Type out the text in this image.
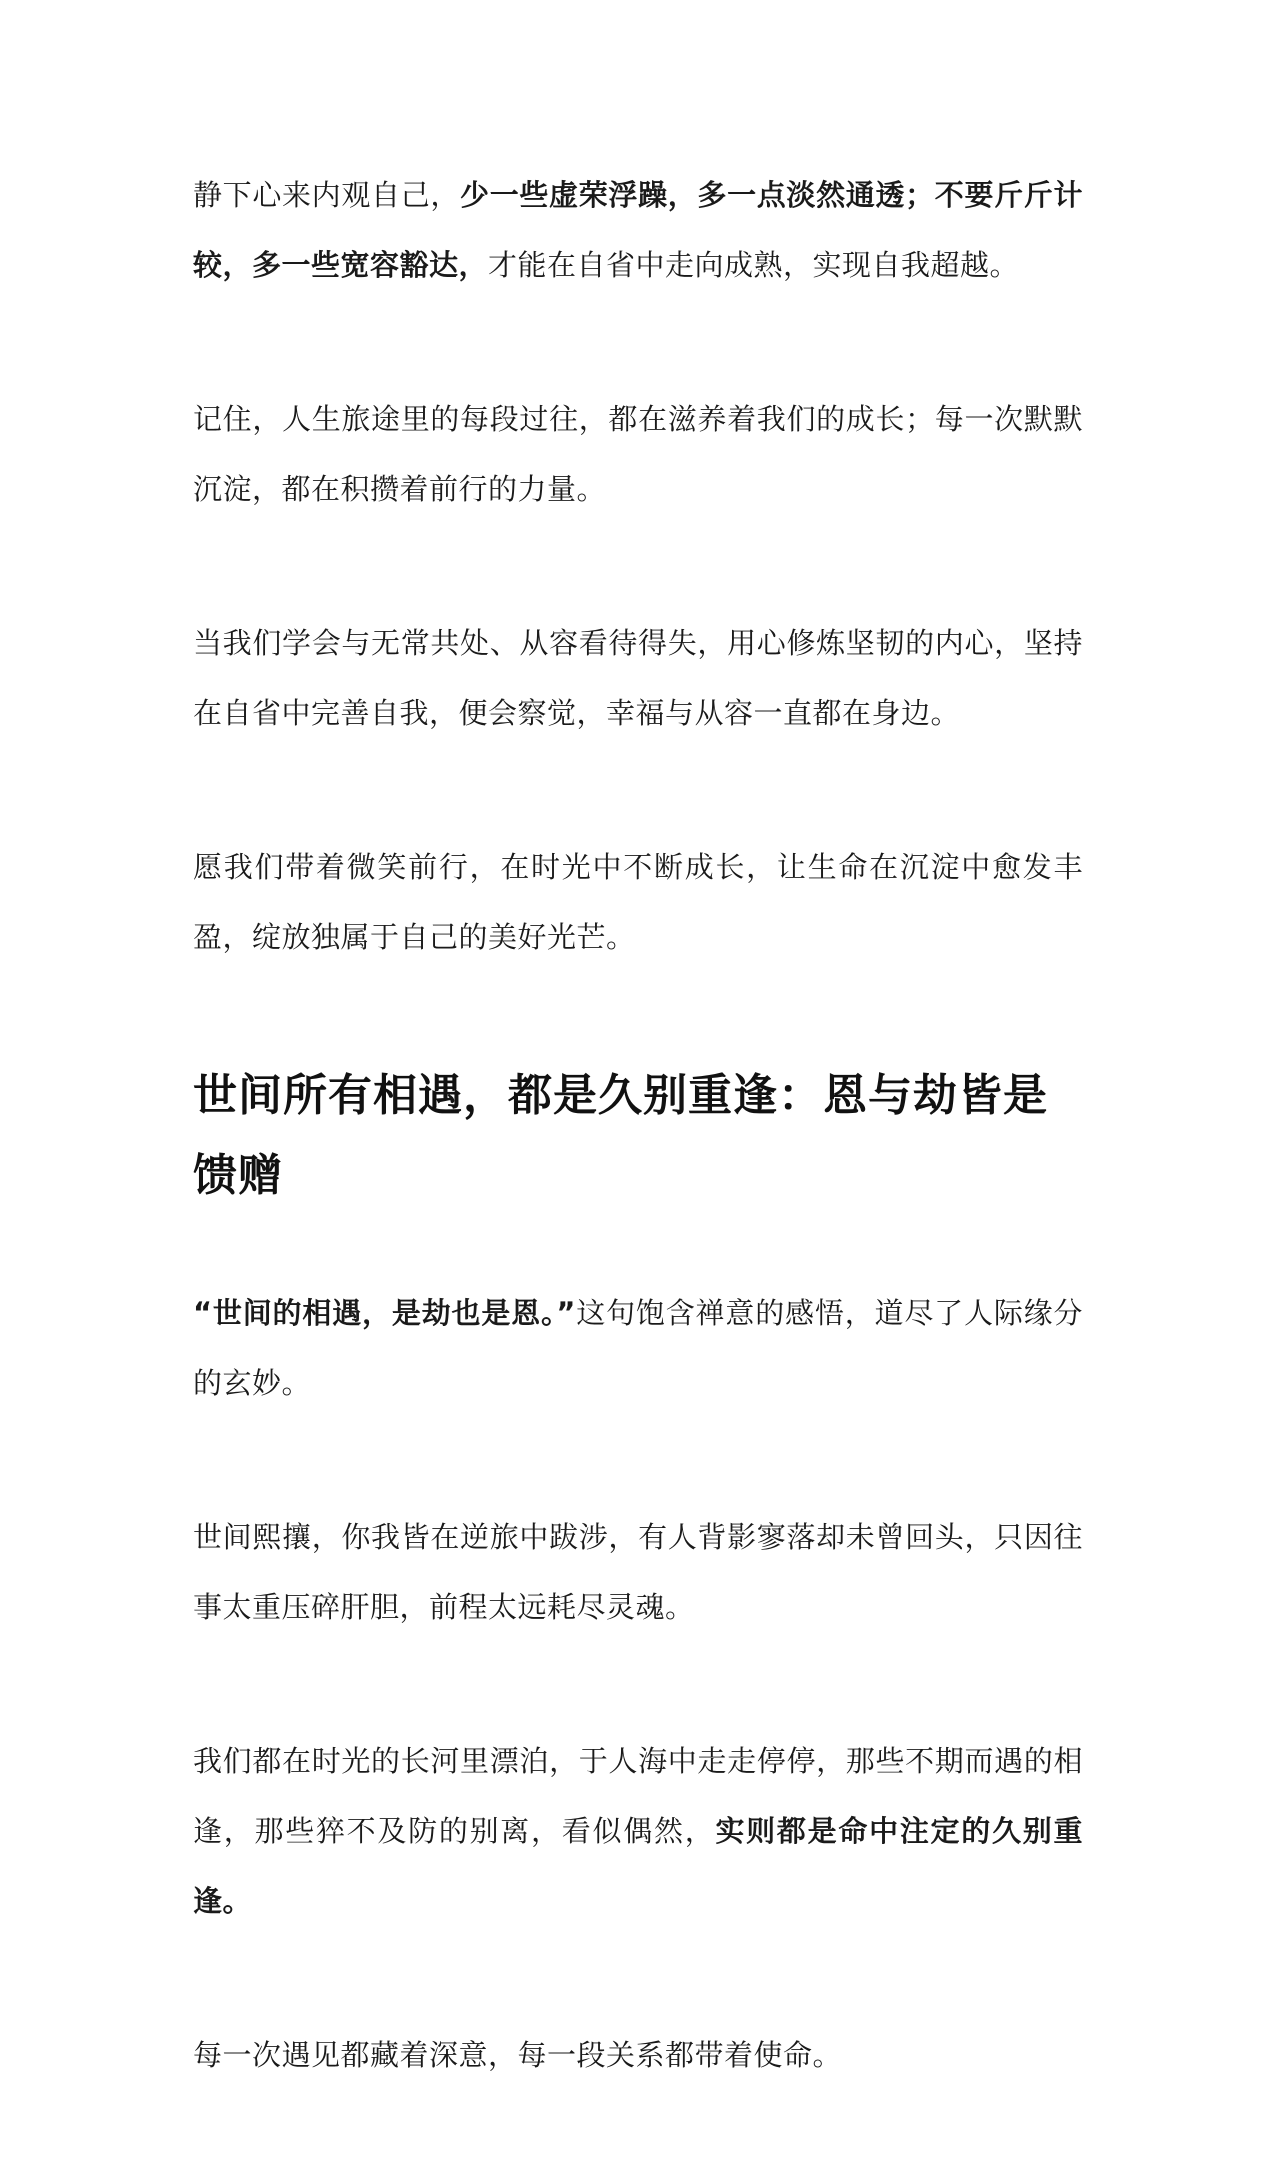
静下心来内观自己，少一些虚荣浮躁，多一点淡然通透；不要斤斤计较，多一些宽容豁达，才能在自省中走向成熟，实现自我超越。

记住，人生旅途里的每段过往，都在滋养着我们的成长；每一次默默沉淀，都在积攒着前行的力量。

当我们学会与无常共处、从容看待得失，用心修炼坚韧的内心，坚持在自省中完善自我，便会察觉，幸福与从容一直都在身边。

愿我们带着微笑前行，在时光中不断成长，让生命在沉淀中愈发丰盈，绽放独属于自己的美好光芒。

世间所有相遇，都是久别重逢：恩与劫皆是馈赠

“世间的相遇，是劫也是恩。”这句饱含禅意的感悟，道尽了人际缘分的玄妙。

世间熙攘，你我皆在逆旅中跋涉，有人背影寥落却未曾回头，只因往事太重压碎肝胆，前程太远耗尽灵魂。

我们都在时光的长河里漂泊，于人海中走走停停，那些不期而遇的相逢，那些猝不及防的别离，看似偶然，实则都是命中注定的久别重逢。

每一次遇见都藏着深意，每一段关系都带着使命。
